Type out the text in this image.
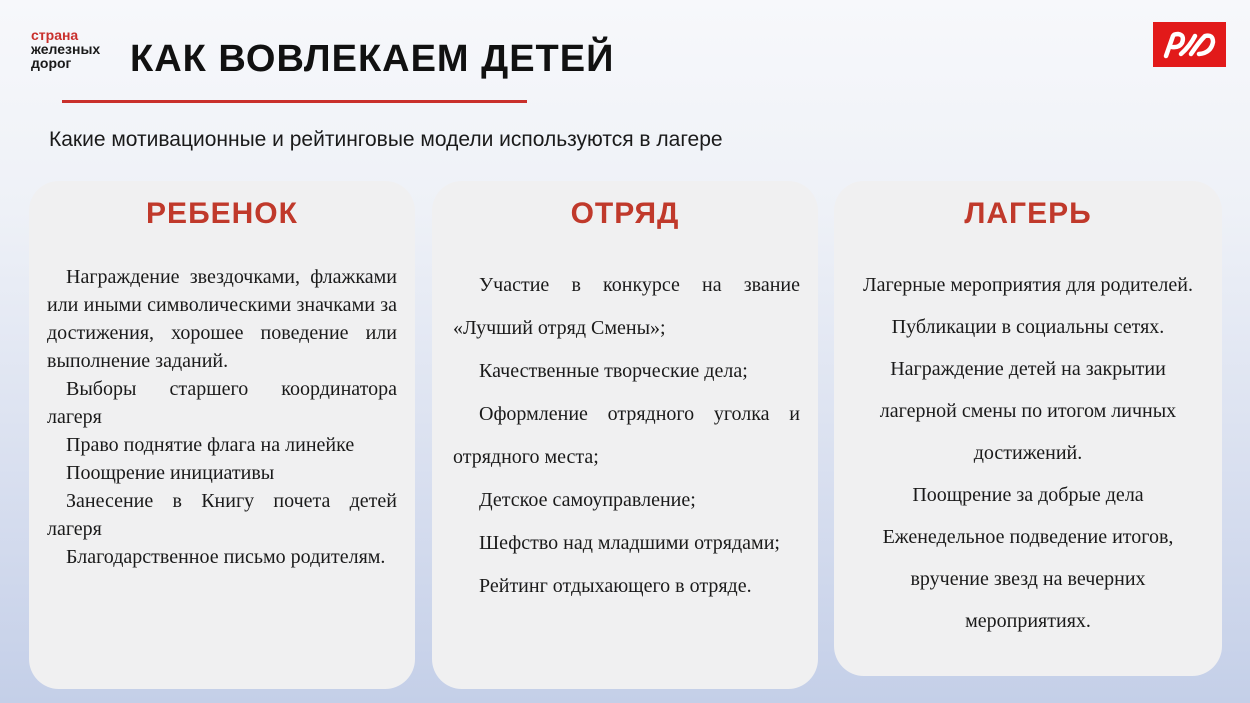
страна
железных
дорог	КАК ВОВЛЕКАЕМ ДЕТЕЙ

Какие мотивационные и рейтинговые модели используются в лагере

РЕБЕНОК

Награждение звездочками, флажками или иными символическими значками за достижения, хорошее поведение или выполнение заданий.

Выборы старшего координатора лагеря

Право поднятие флага на линейке

Поощрение инициативы

Занесение в Книгу почета детей лагеря

Благодарственное письмо родителям.

ОТРЯД

Участие в конкурсе на звание «Лучший отряд Смены»;

Качественные творческие дела;

Оформление отрядного уголка и отрядного места;

Детское самоуправление;

Шефство над младшими отрядами;

Рейтинг отдыхающего в отряде.

ЛАГЕРЬ

Лагерные мероприятия для родителей.

Публикации в социальны сетях.

Награждение детей на закрытии лагерной смены по итогом личных достижений.

Поощрение за добрые дела

Еженедельное подведение итогов, вручение звезд на вечерних мероприятиях.
